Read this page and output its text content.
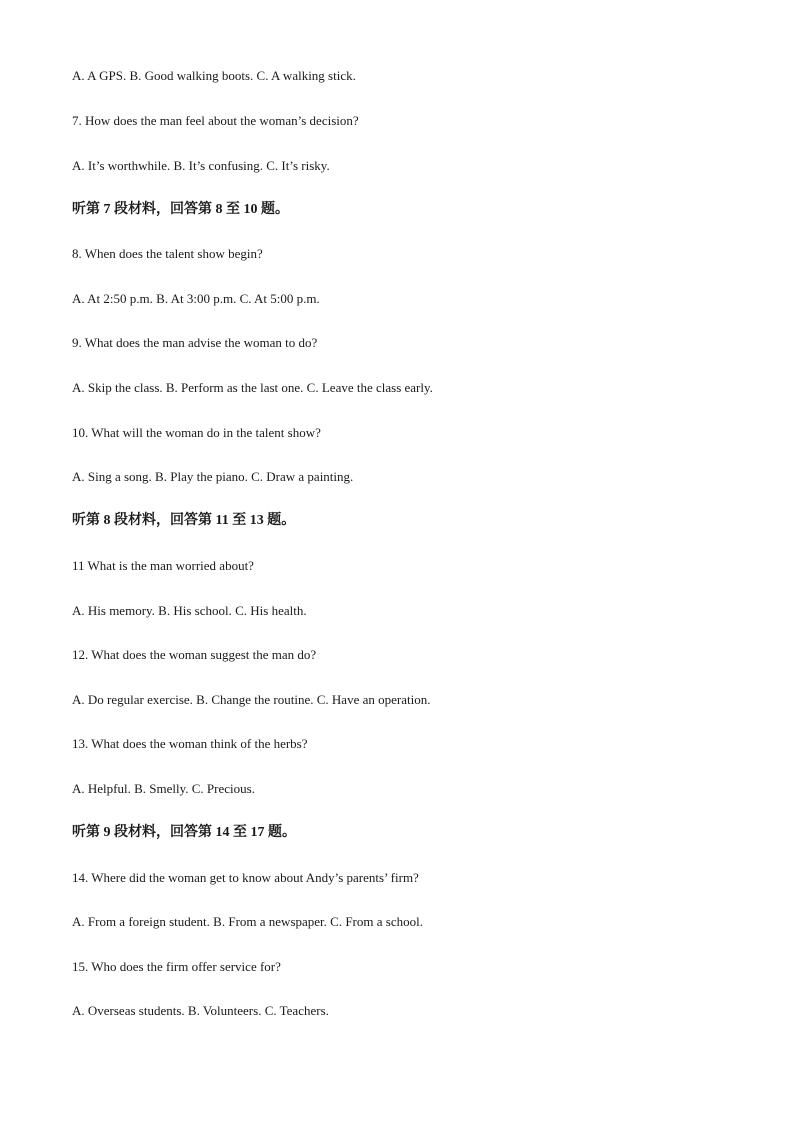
A. A GPS. B. Good walking boots. C. A walking stick.
7. How does the man feel about the woman’s decision?
A. It’s worthwhile. B. It’s confusing. C. It’s risky.
听第 7 段材料，回答第 8 至 10 题。
8. When does the talent show begin?
A. At 2:50 p.m. B. At 3:00 p.m. C. At 5:00 p.m.
9. What does the man advise the woman to do?
A. Skip the class. B. Perform as the last one. C. Leave the class early.
10. What will the woman do in the talent show?
A. Sing a song. B. Play the piano. C. Draw a painting.
听第 8 段材料，回答第 11 至 13 题。
11 What is the man worried about?
A. His memory. B. His school. C. His health.
12. What does the woman suggest the man do?
A. Do regular exercise. B. Change the routine. C. Have an operation.
13. What does the woman think of the herbs?
A. Helpful. B. Smelly. C. Precious.
听第 9 段材料，回答第 14 至 17 题。
14. Where did the woman get to know about Andy’s parents’ firm?
A. From a foreign student. B. From a newspaper. C. From a school.
15. Who does the firm offer service for?
A. Overseas students. B. Volunteers. C. Teachers.
